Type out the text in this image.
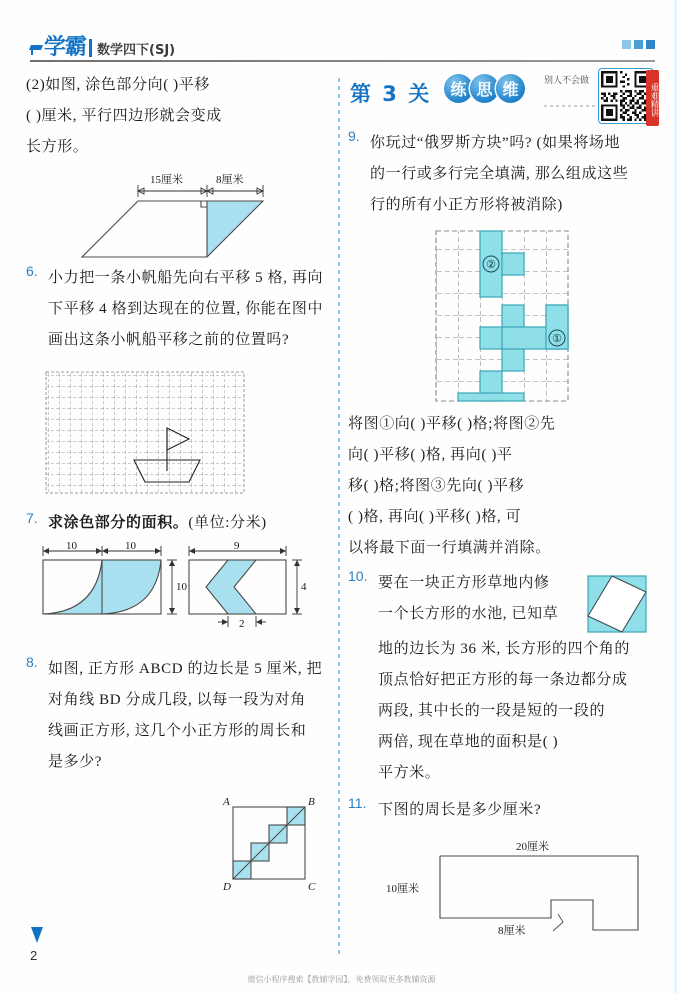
学霸 数学四下(SJ)
(2)如图, 涂色部分向( )平移
( )厘米, 平行四边形就会变成
长方形。
15厘米	8厘米
6. 小力把一条小帆船先向右平移 5 格, 再向
下平移 4 格到达现在的位置, 你能在图中
画出这条小帆船平移之前的位置吗?
7. 求涂色部分的面积。(单位:分米)
10	10
10
9
4
2
8. 如图, 正方形 ABCD 的边长是 5 厘米, 把
对角线 BD 分成几段, 以每一段为对角
线画正方形, 这几个小正方形的周长和
是多少?
A	B
C
D
第 3 关	练 思 维	别人不会做
重难精讲
9. 你玩过“俄罗斯方块”吗? (如果将场地
的一行或多行完全填满, 那么组成这些
行的所有小正方形将被消除)
②
①
将图①向( )平移( )格;将图②先
向( )平移( )格, 再向( )平
移( )格;将图③先向( )平移
( )格, 再向( )平移( )格, 可
以将最下面一行填满并消除。
10. 要在一块正方形草地内修
一个长方形的水池, 已知草
地的边长为 36 米, 长方形的四个角的
顶点恰好把正方形的每一条边都分成
两段, 其中长的一段是短的一段的
两倍, 现在草地的面积是( )
平方米。
11. 下图的周长是多少厘米?
20厘米
10厘米
8厘米
2
微信小程序搜索【教辅学园】，免费领取更多教辅资源
